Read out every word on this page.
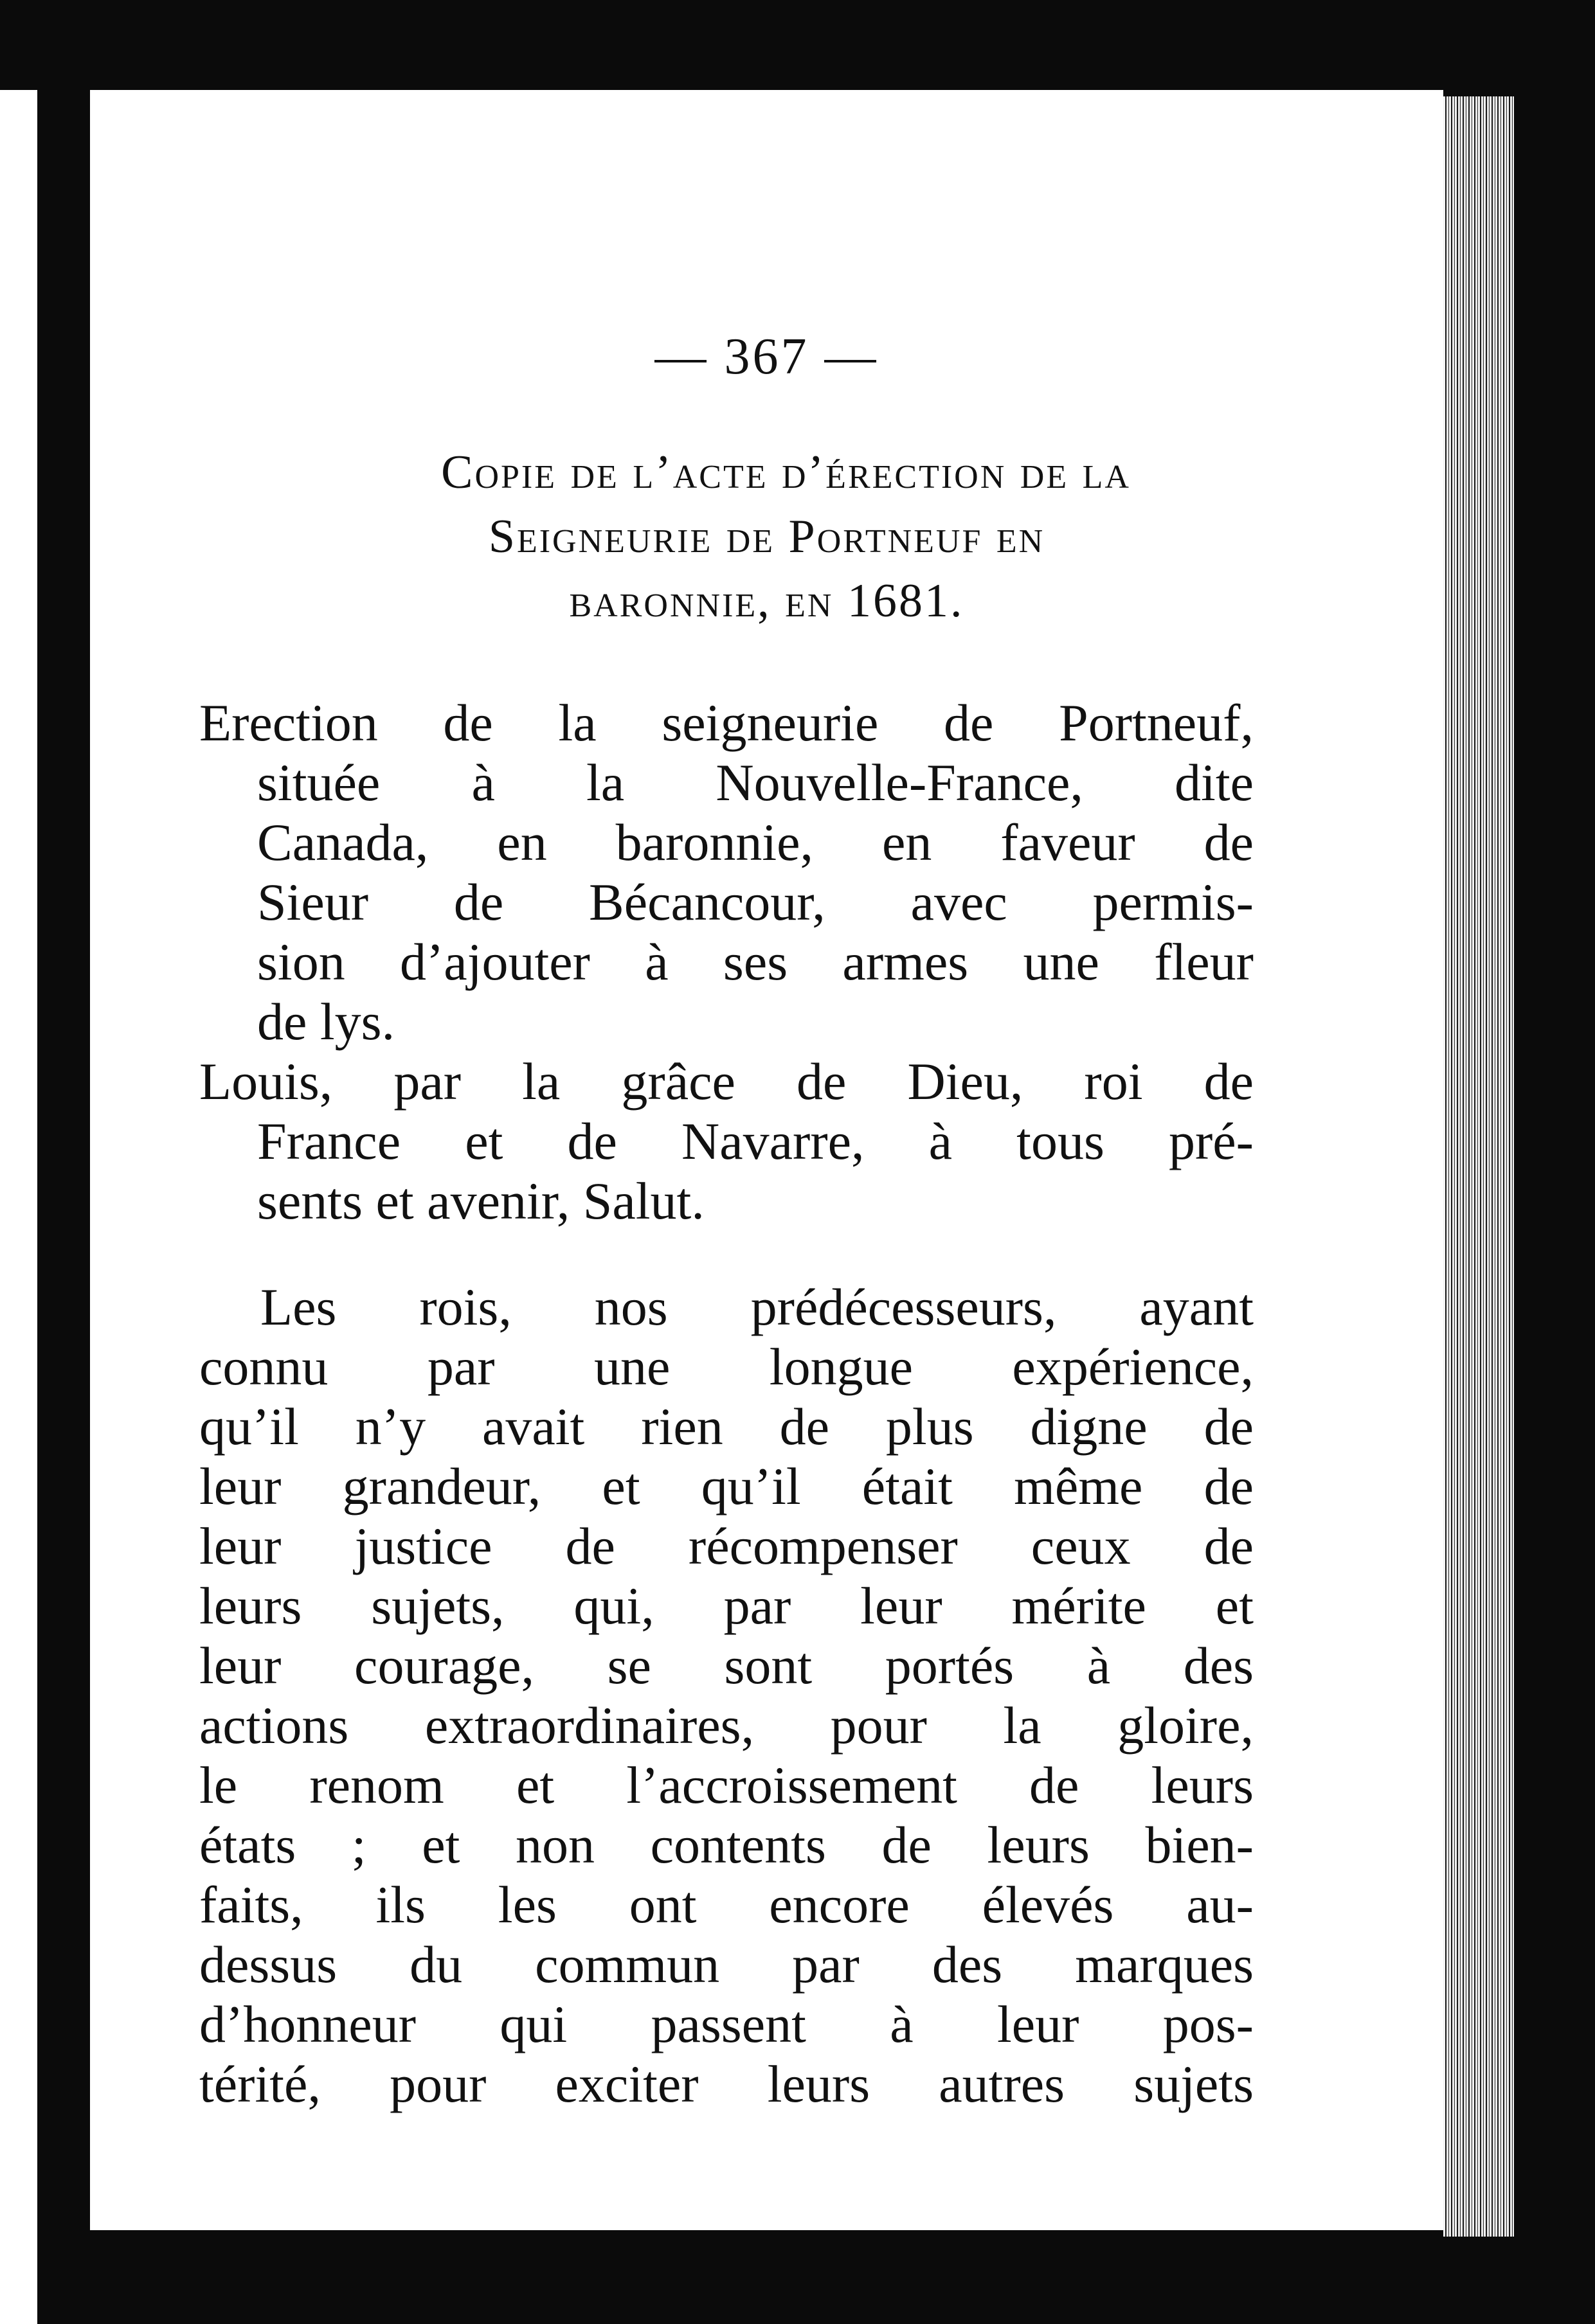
— 367 —
Copie de l’acte d’érection de la
Seigneurie de Portneuf en
baronnie, en 1681.
Erection de la seigneurie de Portneuf,
située à la Nouvelle-France, dite
Canada, en baronnie, en faveur de
Sieur de Bécancour, avec permis-
sion d’ajouter à ses armes une fleur
de lys.
Louis, par la grâce de Dieu, roi de
France et de Navarre, à tous pré-
sents et avenir, Salut.
Les rois, nos prédécesseurs, ayant
connu par une longue expérience,
qu’il n’y avait rien de plus digne de
leur grandeur, et qu’il était même de
leur justice de récompenser ceux de
leurs sujets, qui, par leur mérite et
leur courage, se sont portés à des
actions extraordinaires, pour la gloire,
le renom et l’accroissement de leurs
états ; et non contents de leurs bien-
faits, ils les ont encore élevés au-
dessus du commun par des marques
d’honneur qui passent à leur pos-
térité, pour exciter leurs autres sujets
